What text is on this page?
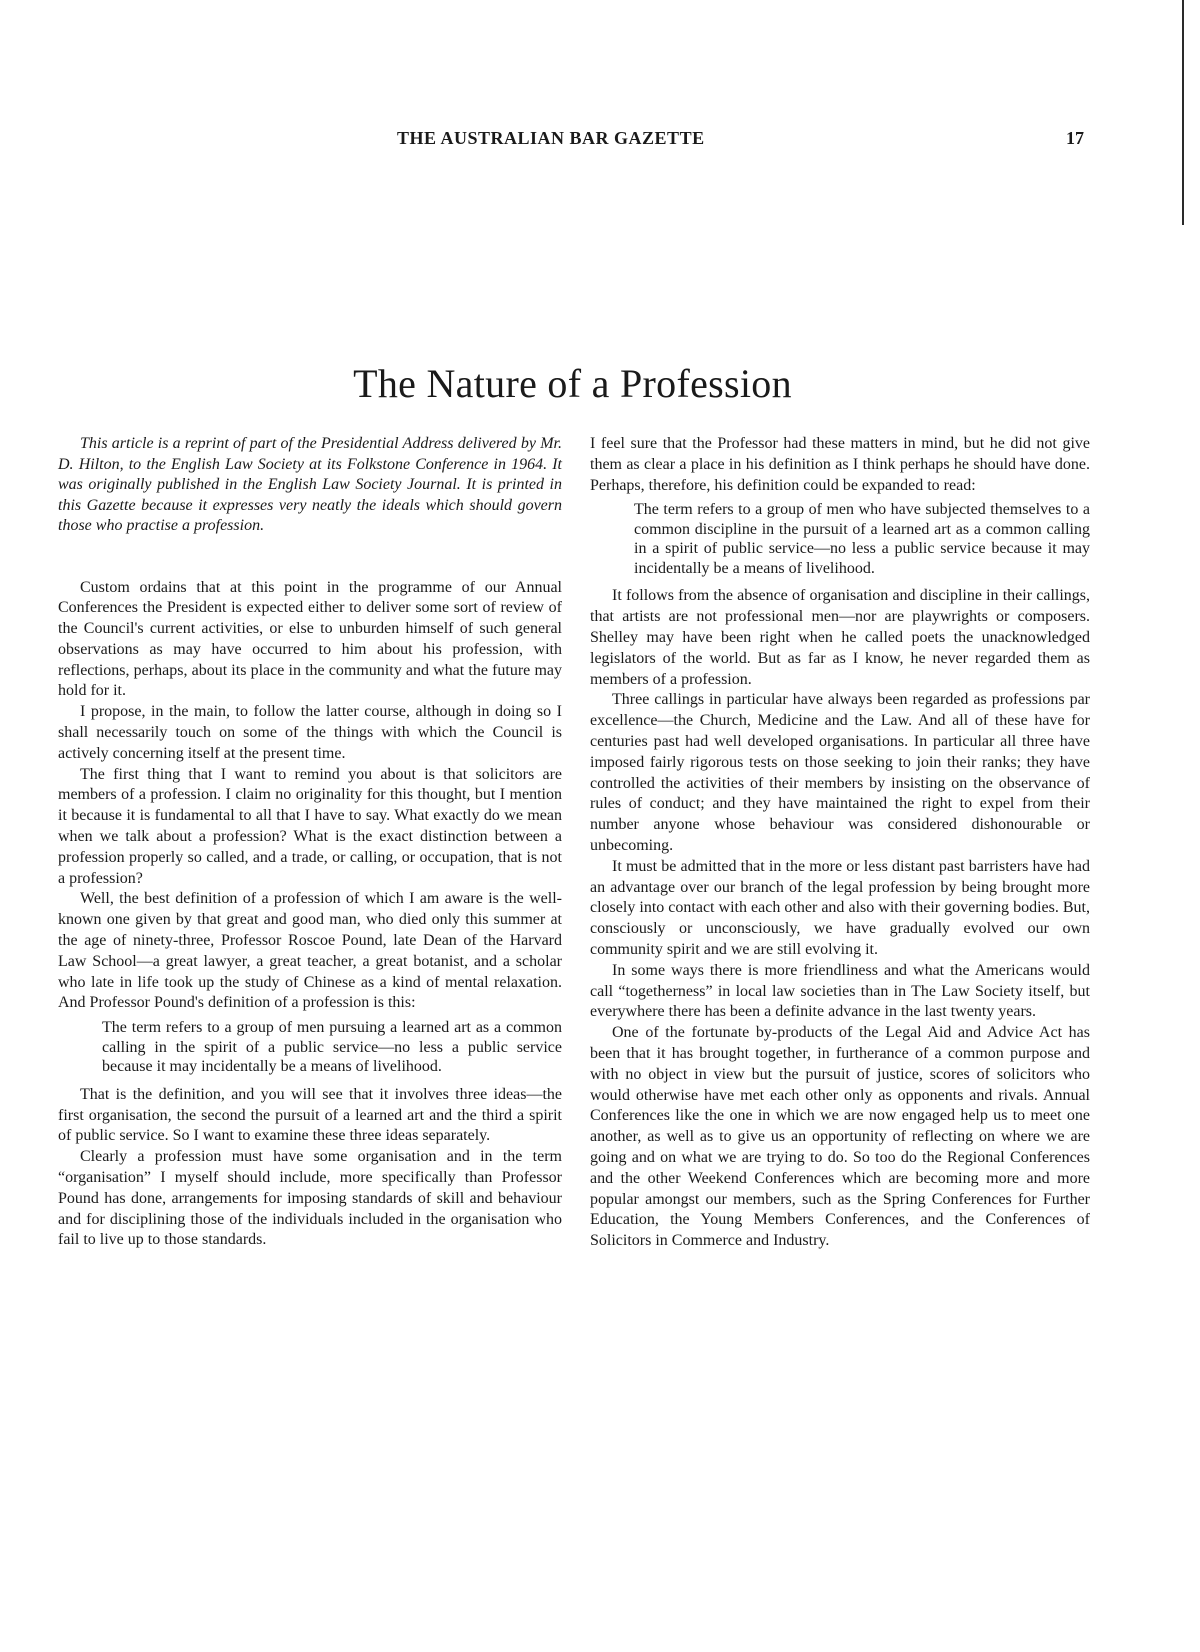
THE AUSTRALIAN BAR GAZETTE	17
The Nature of a Profession

This article is a reprint of part of the Presidential Address delivered by Mr. D. Hilton, to the English Law Society at its Folkstone Conference in 1964. It was originally published in the English Law Society Journal. It is printed in this Gazette because it expresses very neatly the ideals which should govern those who practise a profession.

Custom ordains that at this point in the programme of our Annual Conferences the President is expected either to deliver some sort of review of the Council's current activities, or else to unburden himself of such general observations as may have occurred to him about his profession, with reflections, perhaps, about its place in the community and what the future may hold for it.

I propose, in the main, to follow the latter course, although in doing so I shall necessarily touch on some of the things with which the Council is actively concerning itself at the present time.

The first thing that I want to remind you about is that solicitors are members of a profession. I claim no originality for this thought, but I mention it because it is fundamental to all that I have to say. What exactly do we mean when we talk about a profession? What is the exact distinction between a profession properly so called, and a trade, or calling, or occupation, that is not a profession?

Well, the best definition of a profession of which I am aware is the well-known one given by that great and good man, who died only this summer at the age of ninety-three, Professor Roscoe Pound, late Dean of the Harvard Law School—a great lawyer, a great teacher, a great botanist, and a scholar who late in life took up the study of Chinese as a kind of mental relaxation. And Professor Pound's definition of a profession is this:

The term refers to a group of men pursuing a learned art as a common calling in the spirit of a public service—no less a public service because it may incidentally be a means of livelihood.

That is the definition, and you will see that it involves three ideas—the first organisation, the second the pursuit of a learned art and the third a spirit of public service. So I want to examine these three ideas separately.

Clearly a profession must have some organisation and in the term “organisation” I myself should include, more specifically than Professor Pound has done, arrangements for imposing standards of skill and behaviour and for disciplining those of the individuals included in the organisation who fail to live up to those standards.

I feel sure that the Professor had these matters in mind, but he did not give them as clear a place in his definition as I think perhaps he should have done. Perhaps, therefore, his definition could be expanded to read:

The term refers to a group of men who have subjected themselves to a common discipline in the pursuit of a learned art as a common calling in a spirit of public service—no less a public service because it may incidentally be a means of livelihood.

It follows from the absence of organisation and discipline in their callings, that artists are not professional men—nor are playwrights or composers. Shelley may have been right when he called poets the unacknowledged legislators of the world. But as far as I know, he never regarded them as members of a profession.

Three callings in particular have always been regarded as professions par excellence—the Church, Medicine and the Law. And all of these have for centuries past had well developed organisations. In particular all three have imposed fairly rigorous tests on those seeking to join their ranks; they have controlled the activities of their members by insisting on the observance of rules of conduct; and they have maintained the right to expel from their number anyone whose behaviour was considered dishonourable or unbecoming.

It must be admitted that in the more or less distant past barristers have had an advantage over our branch of the legal profession by being brought more closely into contact with each other and also with their governing bodies. But, consciously or unconsciously, we have gradually evolved our own community spirit and we are still evolving it.

In some ways there is more friendliness and what the Americans would call “togetherness” in local law societies than in The Law Society itself, but everywhere there has been a definite advance in the last twenty years.

One of the fortunate by-products of the Legal Aid and Advice Act has been that it has brought together, in furtherance of a common purpose and with no object in view but the pursuit of justice, scores of solicitors who would otherwise have met each other only as opponents and rivals. Annual Conferences like the one in which we are now engaged help us to meet one another, as well as to give us an opportunity of reflecting on where we are going and on what we are trying to do. So too do the Regional Conferences and the other Weekend Conferences which are becoming more and more popular amongst our members, such as the Spring Conferences for Further Education, the Young Members Conferences, and the Conferences of Solicitors in Commerce and Industry.
